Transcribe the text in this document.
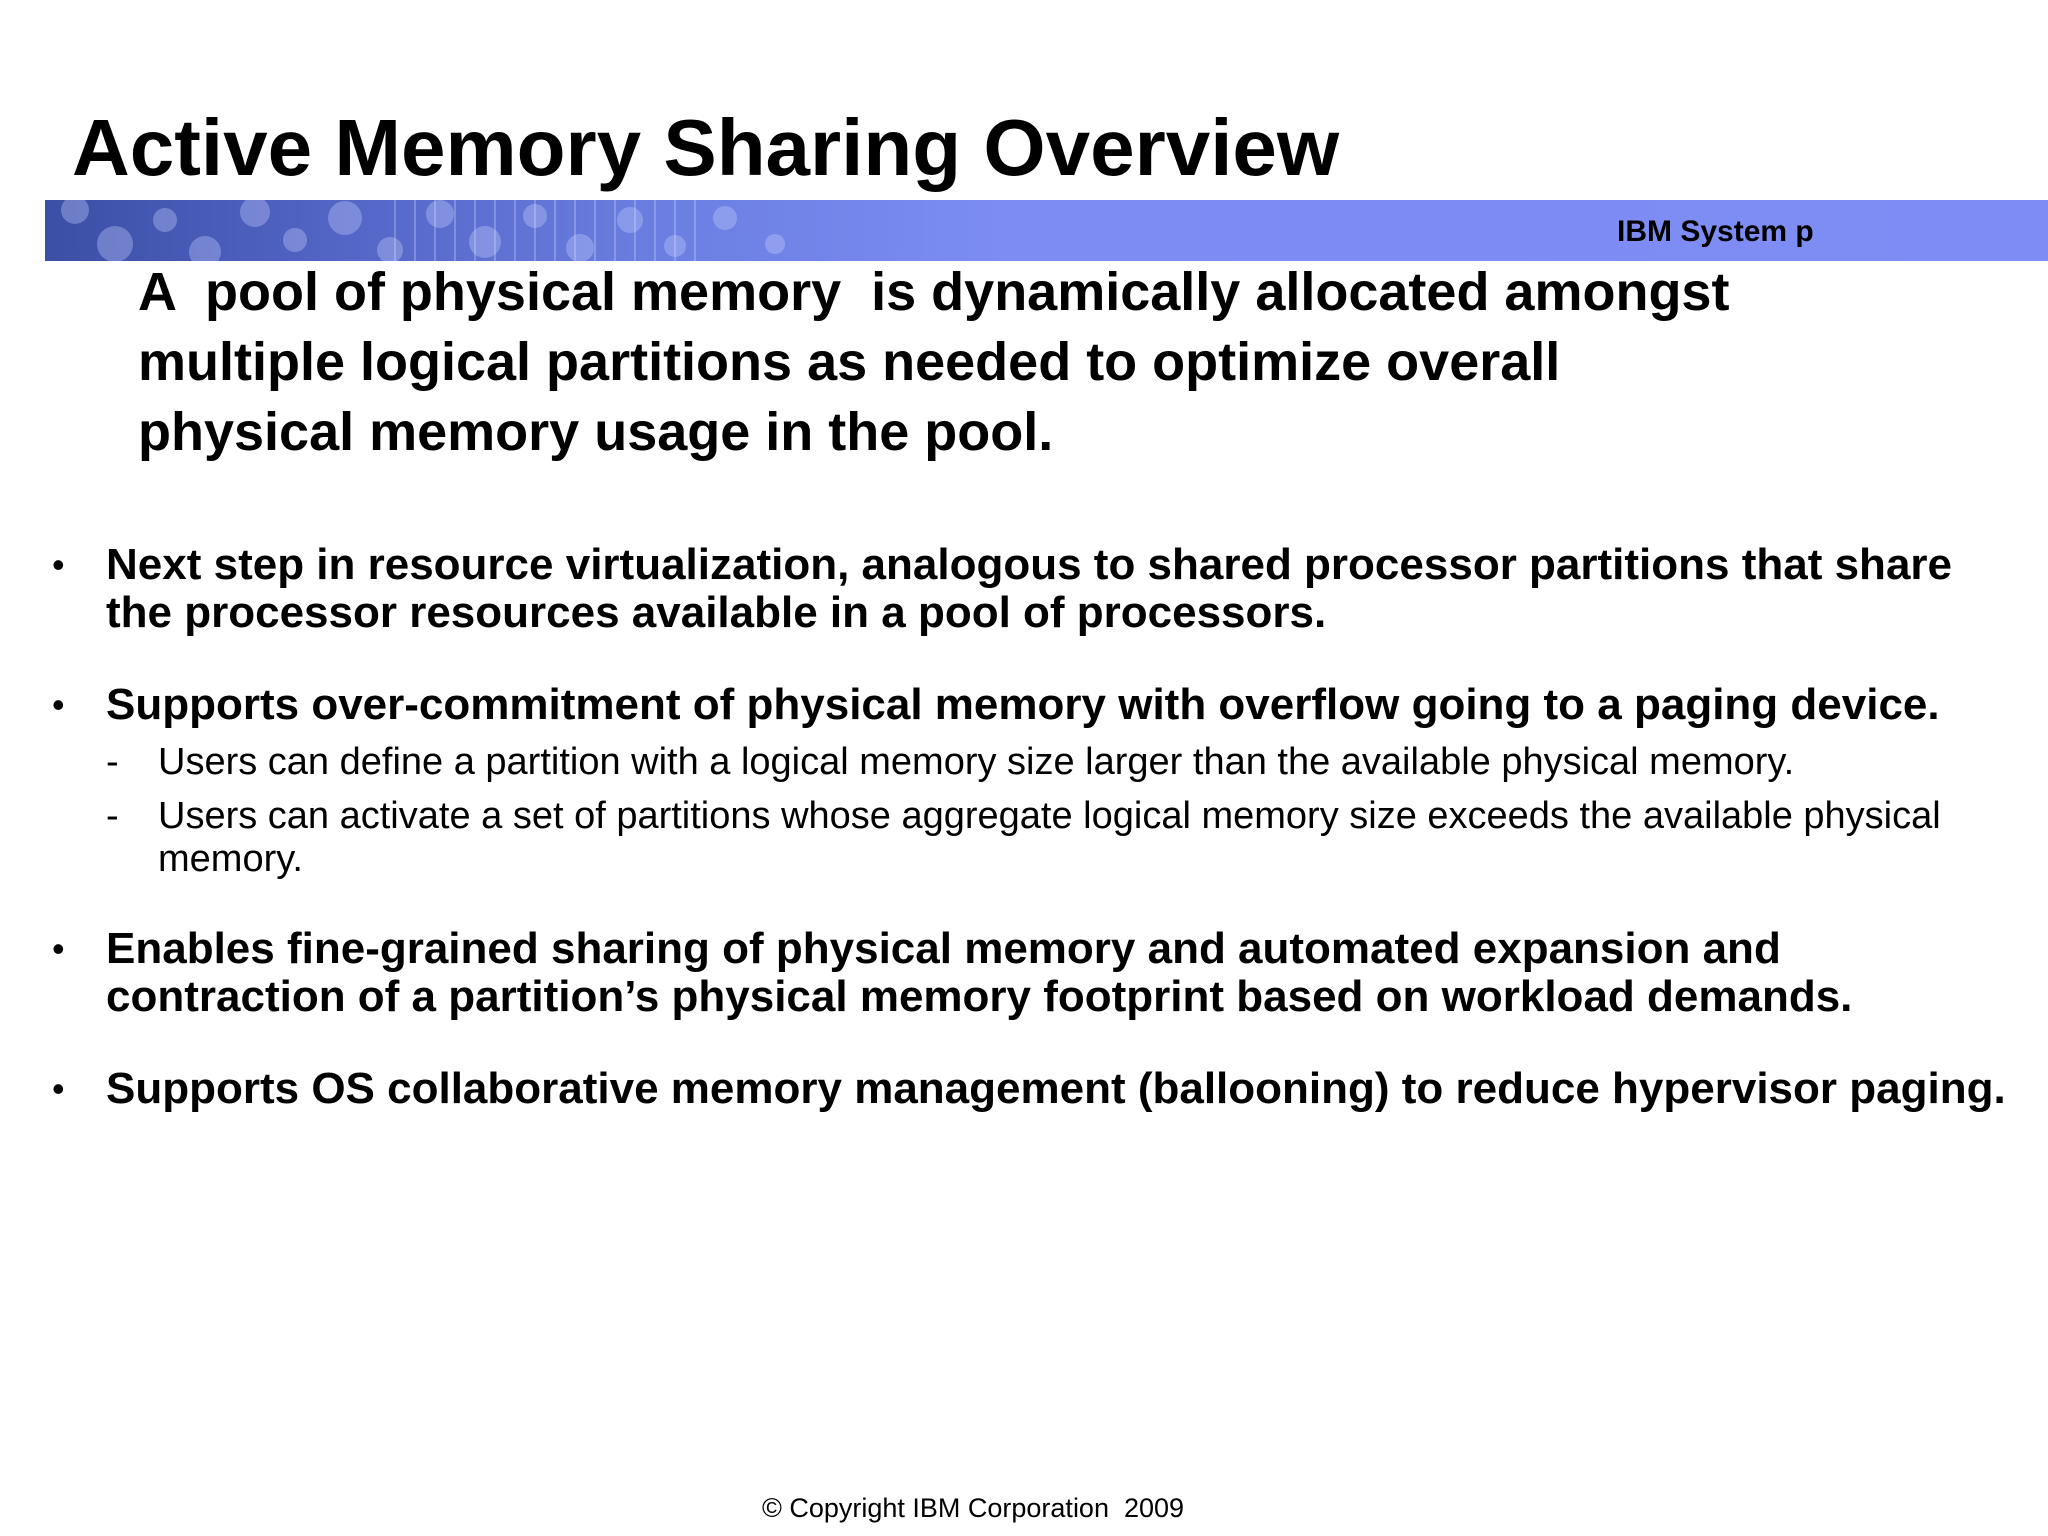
Active Memory Sharing Overview
IBM System p
A  pool of physical memory  is dynamically allocated amongst
multiple logical partitions as needed to optimize overall
physical memory usage in the pool.
• Next step in resource virtualization, analogous to shared processor partitions that share the processor resources available in a pool of processors.
• Supports over-commitment of physical memory with overflow going to a paging device.
- Users can define a partition with a logical memory size larger than the available physical memory.
- Users can activate a set of partitions whose aggregate logical memory size exceeds the available physical memory.
• Enables fine-grained sharing of physical memory and automated expansion and contraction of a partition’s physical memory footprint based on workload demands.
• Supports OS collaborative memory management (ballooning) to reduce hypervisor paging.
© Copyright IBM Corporation  2009
